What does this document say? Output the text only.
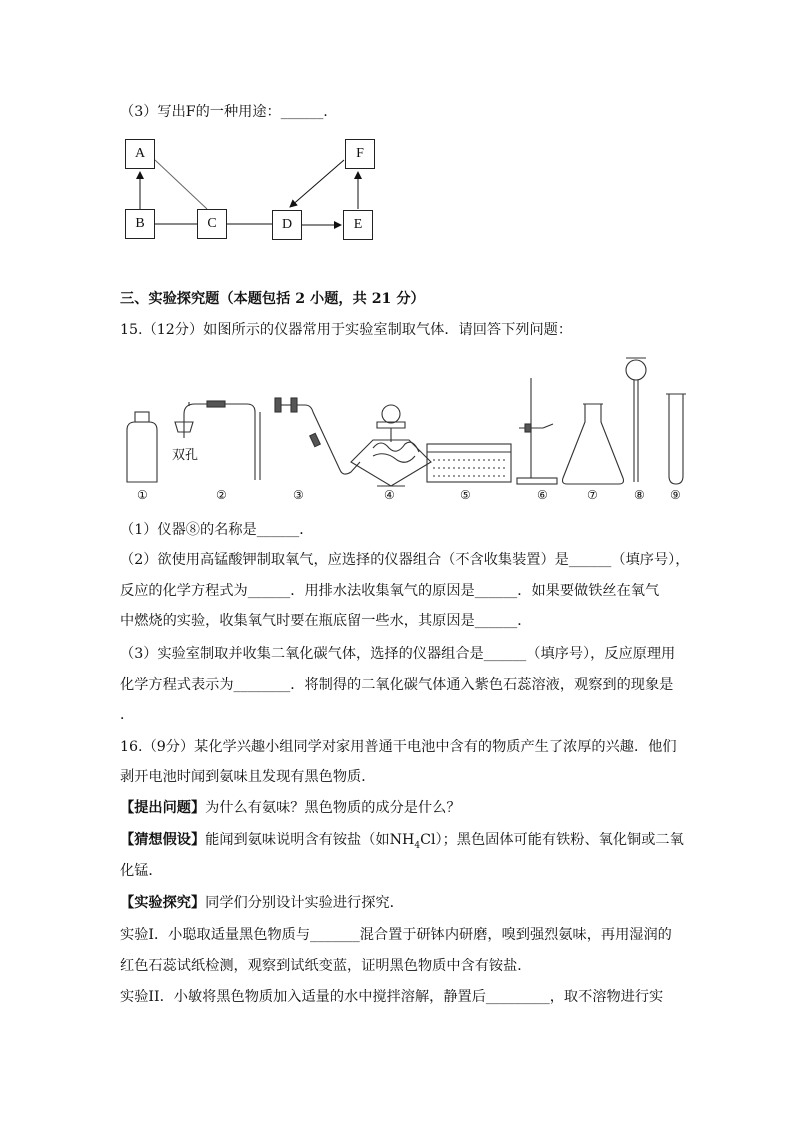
（3）写出F的一种用途：______.
A
B	C	D	E
F
三、实验探究题（本题包括 2 小题，共 21 分）
15.（12分）如图所示的仪器常用于实验室制取气体．请回答下列问题：
双孔
①	②	③	④	⑤	⑥	⑦	⑧ ⑨
（1）仪器⑧的名称是______．
（2）欲使用高锰酸钾制取氧气，应选择的仪器组合（不含收集装置）是______（填序号），
反应的化学方程式为______．用排水法收集氧气的原因是______．如果要做铁丝在氧气
中燃烧的实验，收集氧气时要在瓶底留一些水，其原因是______．
（3）实验室制取并收集二氧化碳气体，选择的仪器组合是______（填序号），反应原理用
化学方程式表示为________．将制得的二氧化碳气体通入紫色石蕊溶液，观察到的现象是
．
16.（9分）某化学兴趣小组同学对家用普通干电池中含有的物质产生了浓厚的兴趣．他们
剥开电池时闻到氨味且发现有黑色物质．
【提出问题】为什么有氨味？黑色物质的成分是什么？
【猜想假设】能闻到氨味说明含有铵盐（如$NH_4Cl$）；黑色固体可能有铁粉、氧化铜或二氧
化锰．
【实验探究】同学们分别设计实验进行探究．
实验Ⅰ．小聪取适量黑色物质与_______混合置于研钵内研磨，嗅到强烈氨味，再用湿润的
红色石蕊试纸检测，观察到试纸变蓝，证明黑色物质中含有铵盐．
实验II．小敏将黑色物质加入适量的水中搅拌溶解，静置后_________，取不溶物进行实
